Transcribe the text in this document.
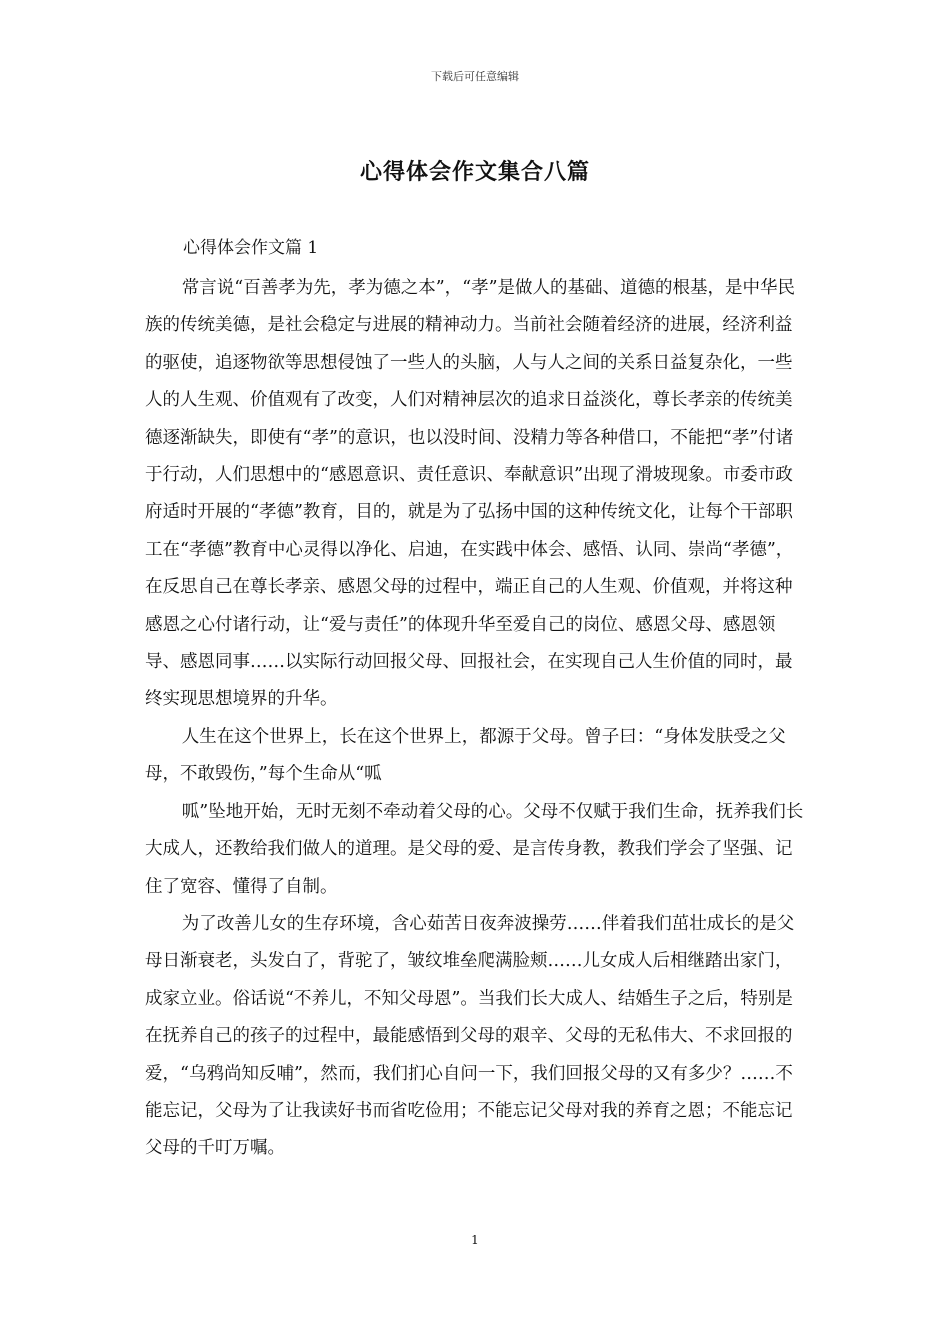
下载后可任意编辑
心得体会作文集合八篇
心得体会作文篇 1

常言说“百善孝为先，孝为德之本”，“孝”是做人的基础、道德的根基，是中华民族的传统美德，是社会稳定与进展的精神动力。当前社会随着经济的进展，经济利益的驱使，追逐物欲等思想侵蚀了一些人的头脑，人与人之间的关系日益复杂化，一些人的人生观、价值观有了改变，人们对精神层次的追求日益淡化，尊长孝亲的传统美德逐渐缺失，即使有“孝”的意识，也以没时间、没精力等各种借口，不能把“孝”付诸于行动，人们思想中的“感恩意识、责任意识、奉献意识”出现了滑坡现象。市委市政府适时开展的“孝德”教育，目的，就是为了弘扬中国的这种传统文化，让每个干部职工在“孝德”教育中心灵得以净化、启迪，在实践中体会、感悟、认同、崇尚“孝德”，在反思自己在尊长孝亲、感恩父母的过程中，端正自己的人生观、价值观，并将这种感恩之心付诸行动，让“爱与责任”的体现升华至爱自己的岗位、感恩父母、感恩领导、感恩同事……以实际行动回报父母、回报社会，在实现自己人生价值的同时，最终实现思想境界的升华。

人生在这个世界上，长在这个世界上，都源于父母。曾子曰：“身体发肤受之父母，不敢毁伤，”每个生命从“呱

呱”坠地开始，无时无刻不牵动着父母的心。父母不仅赋于我们生命，抚养我们长大成人，还教给我们做人的道理。是父母的爱、是言传身教，教我们学会了坚强、记住了宽容、懂得了自制。

为了改善儿女的生存环境，含心茹苦日夜奔波操劳……伴着我们茁壮成长的是父母日渐衰老，头发白了，背驼了，皱纹堆垒爬满脸颊……儿女成人后相继踏出家门，成家立业。俗话说“不养儿，不知父母恩”。当我们长大成人、结婚生子之后，特别是在抚养自己的孩子的过程中，最能感悟到父母的艰辛、父母的无私伟大、不求回报的爱，“乌鸦尚知反哺”，然而，我们扪心自问一下，我们回报父母的又有多少？……不能忘记，父母为了让我读好书而省吃俭用；不能忘记父母对我的养育之恩；不能忘记父母的千叮万嘱。

1
